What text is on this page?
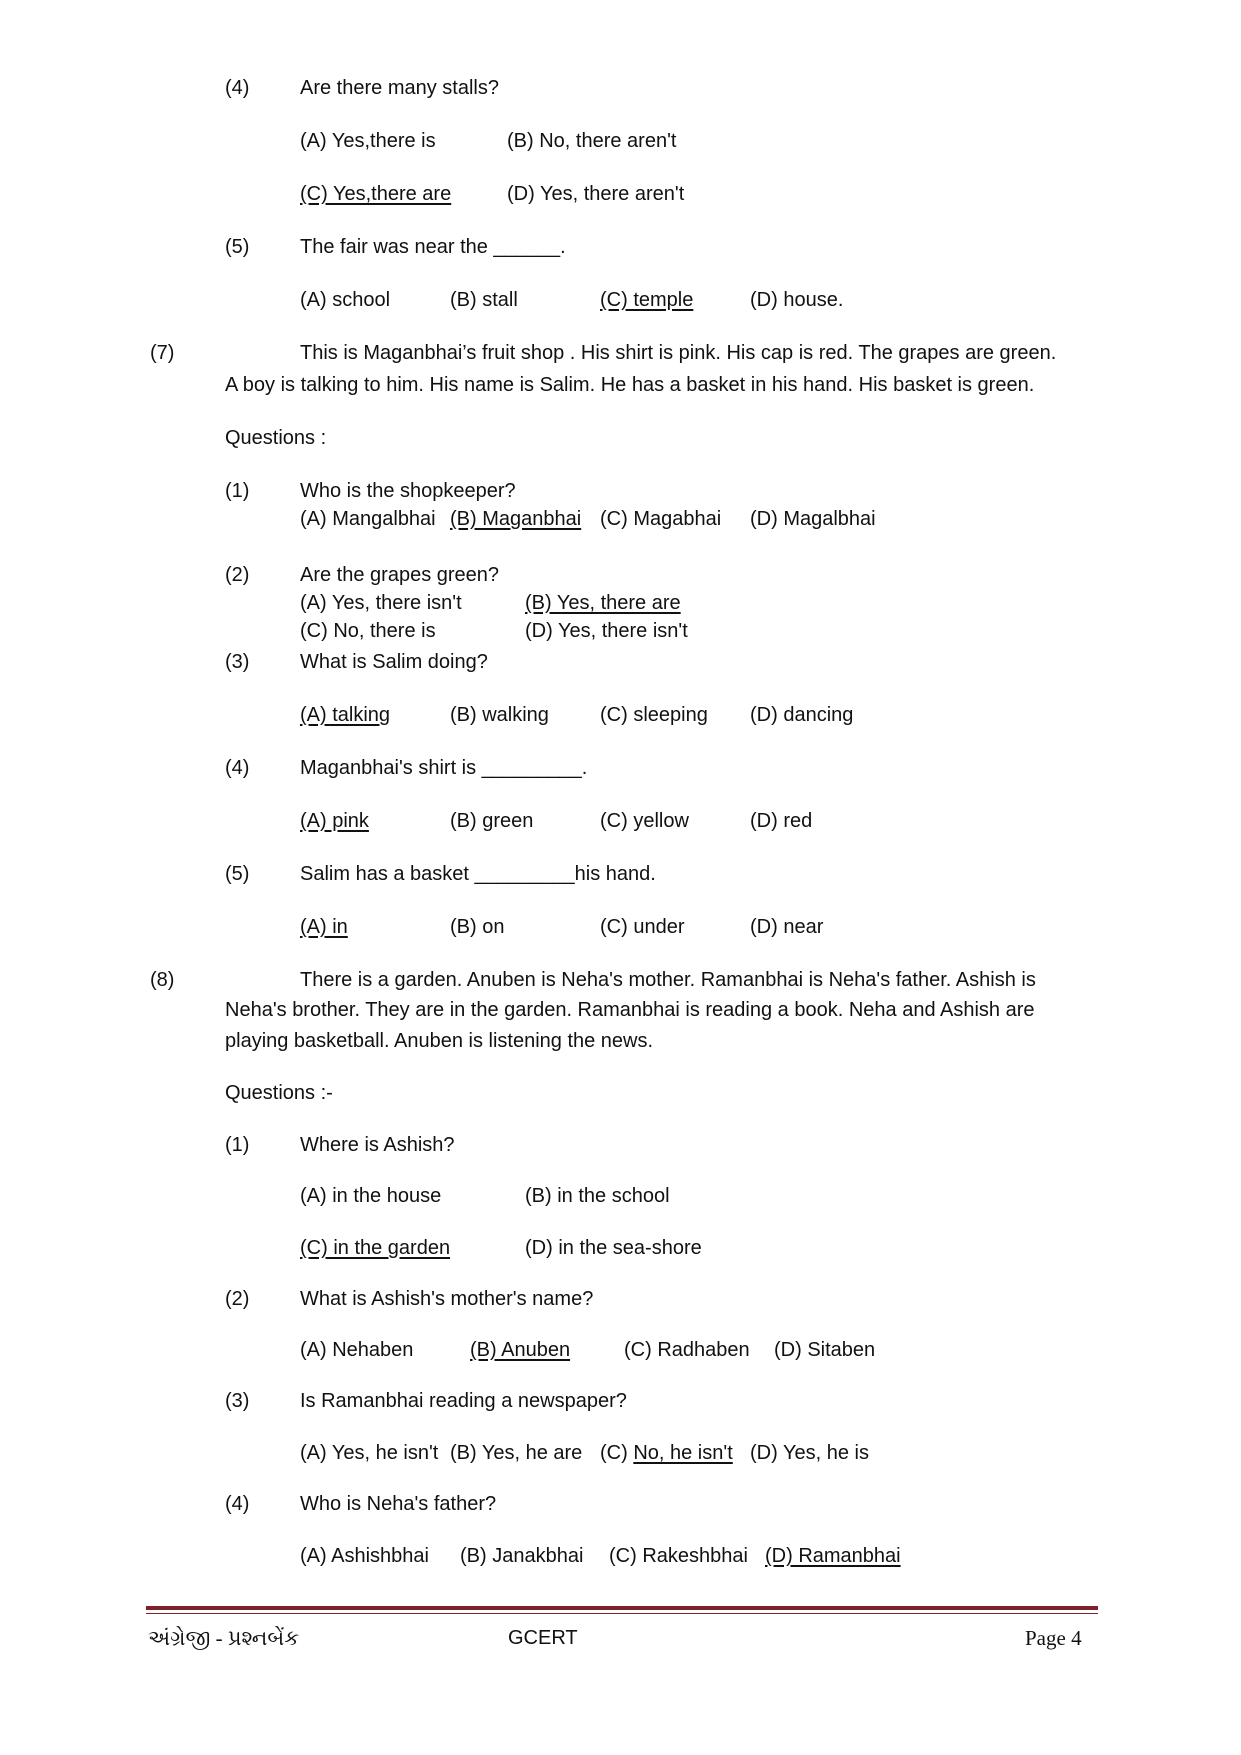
(4)	Are there many stalls?
(A) Yes,there is	(B) No, there aren't
(C) Yes,there are	(D) Yes, there aren't
(5)	The fair was near the ______.
(A) school	(B) stall	(C) temple	(D) house.
(7)	This is Maganbhai’s fruit shop . His shirt is pink. His cap is red. The grapes are green.
A boy is talking to him. His name is Salim. He has a basket in his hand. His basket is green.
Questions :
(1)	Who is the shopkeeper?
(A) Mangalbhai (B) Maganbhai (C) Magabhai (D) Magalbhai
(2)	Are the grapes green?
(A) Yes, there isn't	(B) Yes, there are
(C) No, there is	(D) Yes, there isn't
(3)	What is Salim doing?
(A) talking	(B) walking	(C) sleeping (D) dancing
(4)	Maganbhai's shirt is _________.
(A) pink	(B) green	(C) yellow	(D) red
(5)	Salim has a basket _________his hand.
(A) in	(B) on	(C) under	(D) near
(8)	There is a garden. Anuben is Neha's mother. Ramanbhai is Neha's father. Ashish is
Neha's brother. They are in the garden. Ramanbhai is reading a book. Neha and Ashish are
playing basketball. Anuben is listening the news.
Questions :-
(1)	Where is Ashish?
(A) in the house	(B) in the school
(C) in the garden	(D) in the sea-shore
(2)	What is Ashish's mother's name?
(A) Nehaben	(B) Anuben	(C) Radhaben (D) Sitaben
(3)	Is Ramanbhai reading a newspaper?
(A) Yes, he isn't (B) Yes, he are (C) No, he isn't (D) Yes, he is
(4)	Who is Neha's father?
(A) Ashishbhai (B) Janakbhai (C) Rakeshbhai (D) Ramanbhai
અંગ્રેજી - પ્રશ્નબેંક	GCERT	Page 4
